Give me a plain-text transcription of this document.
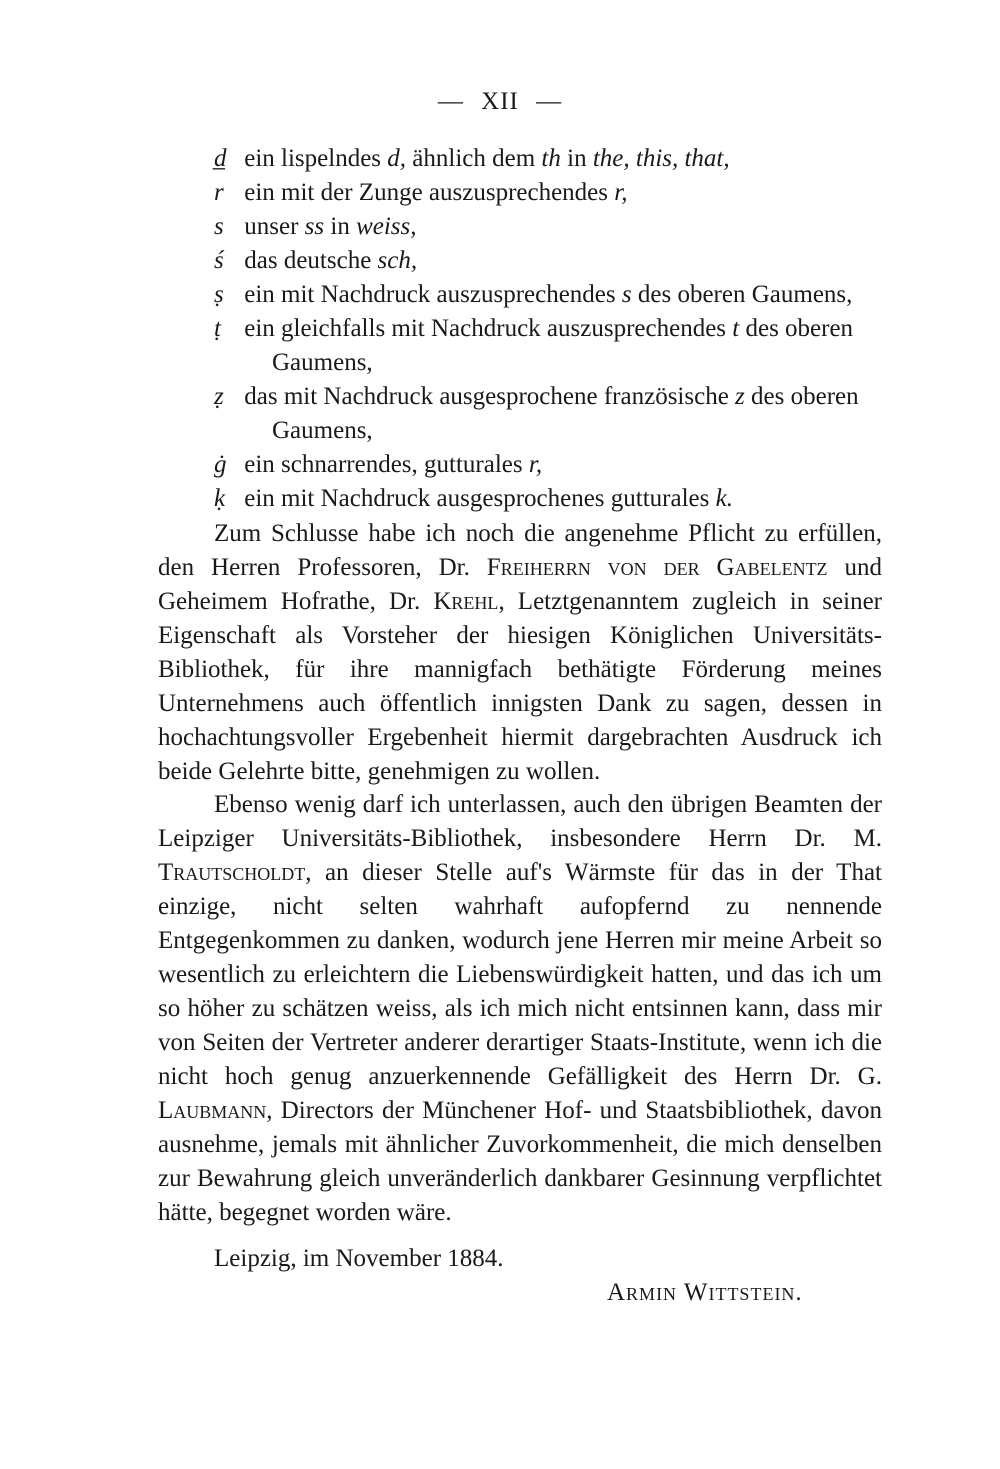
— XII —
d̲ ein lispelndes d, ähnlich dem th in the, this, that,
r ein mit der Zunge auszusprechendes r,
s unser ss in weiss,
ś das deutsche sch,
ṣ ein mit Nachdruck auszusprechendes s des oberen Gaumens,
ṭ ein gleichfalls mit Nachdruck auszusprechendes t des oberen
Gaumens,
ẓ das mit Nachdruck ausgesprochene französische z des oberen
Gaumens,
ġ ein schnarrendes, gutturales r,
ḳ ein mit Nachdruck ausgesprochenes gutturales k.

Zum Schlusse habe ich noch die angenehme Pflicht zu erfüllen, den Herren Professoren, Dr. Freiherrn von der Gabelentz und Geheimem Hofrathe, Dr. Krehl, Letztgenanntem zugleich in seiner Eigenschaft als Vorsteher der hiesigen Königlichen Universitäts-Bibliothek, für ihre mannigfach bethätigte Förderung meines Unternehmens auch öffentlich innigsten Dank zu sagen, dessen in hochachtungsvoller Ergebenheit hiermit dargebrachten Ausdruck ich beide Gelehrte bitte, genehmigen zu wollen.

Ebenso wenig darf ich unterlassen, auch den übrigen Beamten der Leipziger Universitäts-Bibliothek, insbesondere Herrn Dr. M. Trautscholdt, an dieser Stelle auf's Wärmste für das in der That einzige, nicht selten wahrhaft aufopfernd zu nennende Entgegenkommen zu danken, wodurch jene Herren mir meine Arbeit so wesentlich zu erleichtern die Liebenswürdigkeit hatten, und das ich um so höher zu schätzen weiss, als ich mich nicht entsinnen kann, dass mir von Seiten der Vertreter anderer derartiger Staats-Institute, wenn ich die nicht hoch genug anzuerkennende Gefälligkeit des Herrn Dr. G. Laubmann, Directors der Münchener Hof- und Staatsbibliothek, davon ausnehme, jemals mit ähnlicher Zuvorkommenheit, die mich denselben zur Bewahrung gleich unveränderlich dankbarer Gesinnung verpflichtet hätte, begegnet worden wäre.

Leipzig, im November 1884.
Armin Wittstein.
